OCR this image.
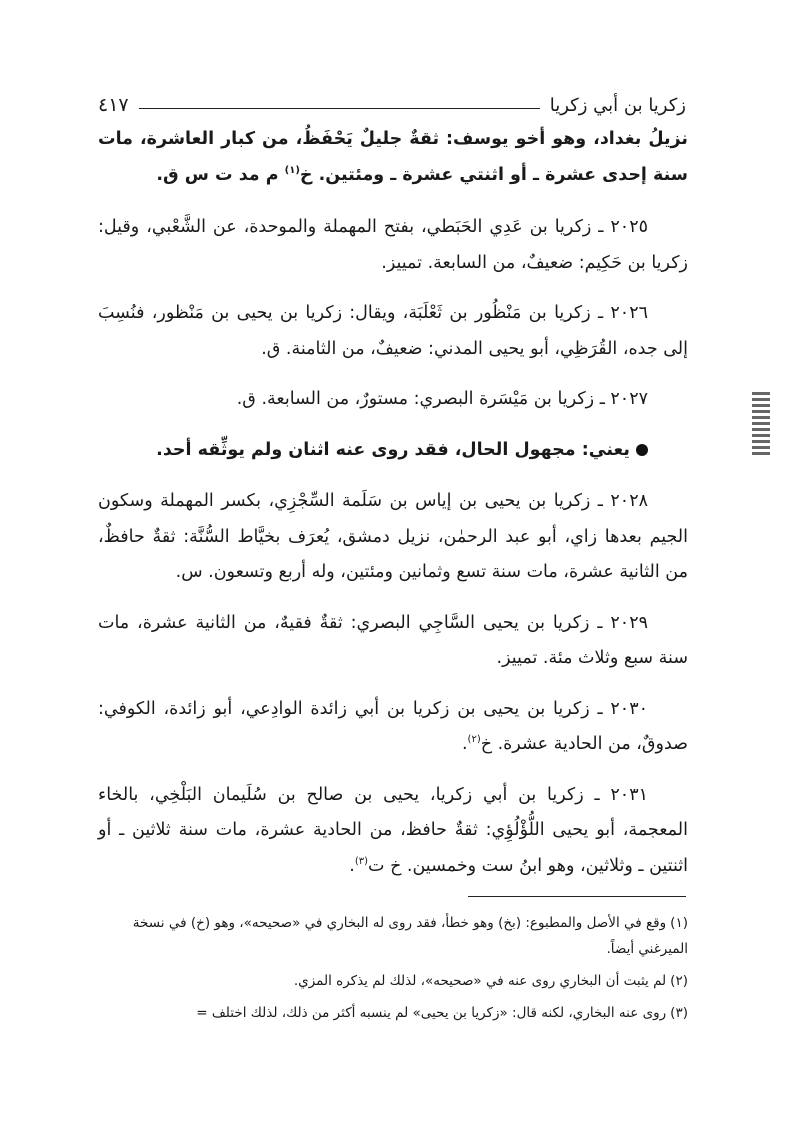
زكريا بن أبي زكريا
٤١٧

نزيلُ بغداد، وهو أخو يوسف: ثقةٌ جليلٌ يَحْفَظُ، من كبار العاشرة، مات سنة إحدى عشرة ـ أو اثنتي عشرة ـ ومئتين. خ$^{(١)}$ م مد ت س ق.

٢٠٢٥ ـ زكريا بن عَدِي الحَبَطي، بفتح المهملة والموحدة، عن الشَّعْبي، وقيل: زكريا بن حَكِيم: ضعيفٌ، من السابعة. تمييز.

٢٠٢٦ ـ زكريا بن مَنْظُور بن ثَعْلَبَة، ويقال: زكريا بن يحيى بن مَنْظور، فنُسِبَ إلى جده، القُرَظِي، أبو يحيى المدني: ضعيفٌ، من الثامنة. ق.

٢٠٢٧ ـ زكريا بن مَيْسَرة البصري: مستورٌ، من السابعة. ق.

يعني: مجهول الحال، فقد روى عنه اثنان ولم يوثِّقه أحد.

٢٠٢٨ ـ زكريا بن يحيى بن إياس بن سَلَمة السِّجْزِي، بكسر المهملة وسكون الجيم بعدها زاي، أبو عبد الرحمٰن، نزيل دمشق، يُعرَف بخيَّاط السُّنَّة: ثقةٌ حافظٌ، من الثانية عشرة، مات سنة تسع وثمانين ومئتين، وله أربع وتسعون. س.

٢٠٢٩ ـ زكريا بن يحيى السَّاجِي البصري: ثقةٌ فقيهٌ، من الثانية عشرة، مات سنة سبع وثلاث مئة. تمييز.

٢٠٣٠ ـ زكريا بن يحيى بن زكريا بن أبي زائدة الوادِعي، أبو زائدة، الكوفي: صدوقٌ، من الحادية عشرة. خ$^{(٢)}$.

٢٠٣١ ـ زكريا بن أبي زكريا، يحيى بن صالح بن سُلَيمان البَلْخِي، بالخاء المعجمة، أبو يحيى اللُّؤْلُؤِي: ثقةٌ حافظ، من الحادية عشرة، مات سنة ثلاثين ـ أو اثنتين ـ وثلاثين، وهو ابنُ ست وخمسين. خ ت$^{(٣)}$.

(١)وقع في الأصل والمطبوع: (بخ) وهو خطأ، فقد روى له البخاري في «صحيحه»، وهو (خ) في نسخة الميرغني أيضاً.

(٢)لم يثبت أن البخاري روى عنه في «صحيحه»، لذلك لم يذكره المزي.

(٣)روى عنه البخاري، لكنه قال: «زكريا بن يحيى» لم ينسبه أكثر من ذلك، لذلك اختلف =
